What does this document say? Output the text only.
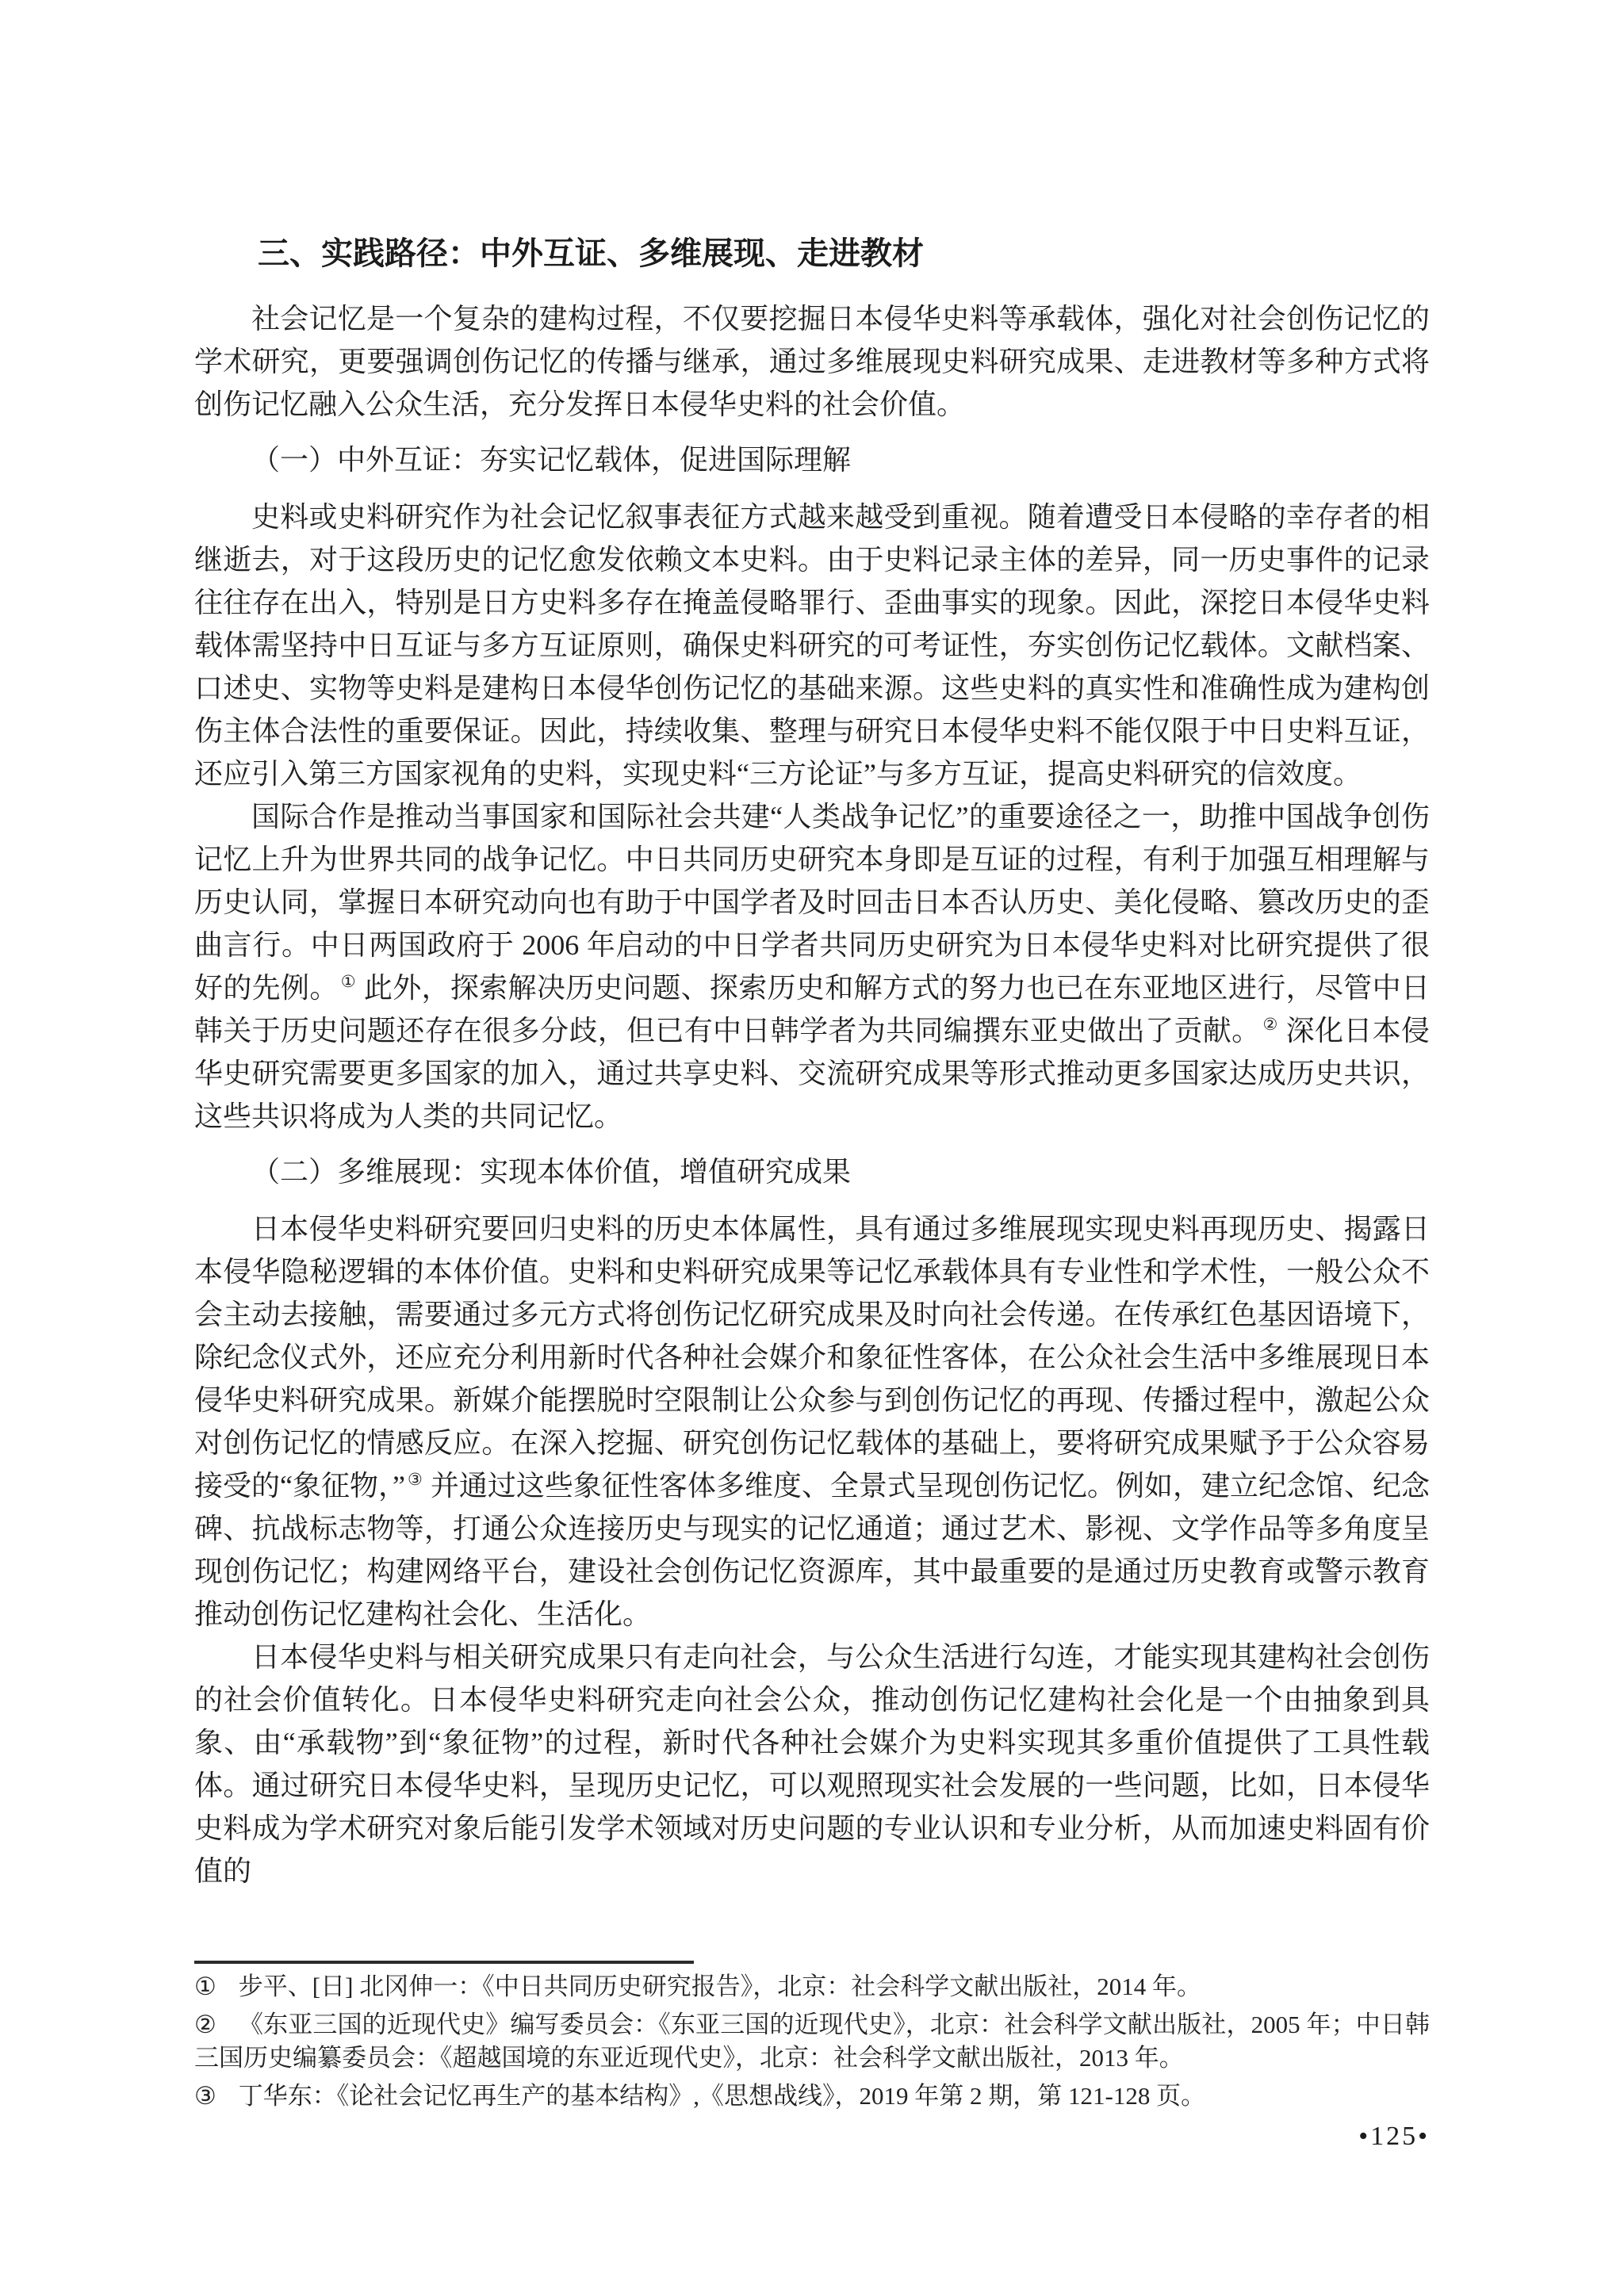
三、实践路径：中外互证、多维展现、走进教材

社会记忆是一个复杂的建构过程，不仅要挖掘日本侵华史料等承载体，强化对社会创伤记忆的学术研究，更要强调创伤记忆的传播与继承，通过多维展现史料研究成果、走进教材等多种方式将创伤记忆融入公众生活，充分发挥日本侵华史料的社会价值。

（一）中外互证：夯实记忆载体，促进国际理解

史料或史料研究作为社会记忆叙事表征方式越来越受到重视。随着遭受日本侵略的幸存者的相继逝去，对于这段历史的记忆愈发依赖文本史料。由于史料记录主体的差异，同一历史事件的记录往往存在出入，特别是日方史料多存在掩盖侵略罪行、歪曲事实的现象。因此，深挖日本侵华史料载体需坚持中日互证与多方互证原则，确保史料研究的可考证性，夯实创伤记忆载体。文献档案、口述史、实物等史料是建构日本侵华创伤记忆的基础来源。这些史料的真实性和准确性成为建构创伤主体合法性的重要保证。因此，持续收集、整理与研究日本侵华史料不能仅限于中日史料互证，还应引入第三方国家视角的史料，实现史料“三方论证”与多方互证，提高史料研究的信效度。

国际合作是推动当事国家和国际社会共建“人类战争记忆”的重要途径之一，助推中国战争创伤记忆上升为世界共同的战争记忆。中日共同历史研究本身即是互证的过程，有利于加强互相理解与历史认同，掌握日本研究动向也有助于中国学者及时回击日本否认历史、美化侵略、篡改历史的歪曲言行。中日两国政府于 2006 年启动的中日学者共同历史研究为日本侵华史料对比研究提供了很好的先例。 ① 此外，探索解决历史问题、探索历史和解方式的努力也已在东亚地区进行，尽管中日韩关于历史问题还存在很多分歧，但已有中日韩学者为共同编撰东亚史做出了贡献。 ② 深化日本侵华史研究需要更多国家的加入，通过共享史料、交流研究成果等形式推动更多国家达成历史共识，这些共识将成为人类的共同记忆。

（二）多维展现：实现本体价值，增值研究成果

日本侵华史料研究要回归史料的历史本体属性，具有通过多维展现实现史料再现历史、揭露日本侵华隐秘逻辑的本体价值。史料和史料研究成果等记忆承载体具有专业性和学术性，一般公众不会主动去接触，需要通过多元方式将创伤记忆研究成果及时向社会传递。在传承红色基因语境下，除纪念仪式外，还应充分利用新时代各种社会媒介和象征性客体，在公众社会生活中多维展现日本侵华史料研究成果。新媒介能摆脱时空限制让公众参与到创伤记忆的再现、传播过程中，激起公众对创伤记忆的情感反应。在深入挖掘、研究创伤记忆载体的基础上，要将研究成果赋予于公众容易接受的“象征物，” ③ 并通过这些象征性客体多维度、全景式呈现创伤记忆。例如，建立纪念馆、纪念碑、抗战标志物等，打通公众连接历史与现实的记忆通道；通过艺术、影视、文学作品等多角度呈现创伤记忆；构建网络平台，建设社会创伤记忆资源库，其中最重要的是通过历史教育或警示教育推动创伤记忆建构社会化、生活化。

日本侵华史料与相关研究成果只有走向社会，与公众生活进行勾连，才能实现其建构社会创伤的社会价值转化。日本侵华史料研究走向社会公众，推动创伤记忆建构社会化是一个由抽象到具象、由“承载物”到“象征物”的过程，新时代各种社会媒介为史料实现其多重价值提供了工具性载体。通过研究日本侵华史料，呈现历史记忆，可以观照现实社会发展的一些问题，比如，日本侵华史料成为学术研究对象后能引发学术领域对历史问题的专业认识和专业分析，从而加速史料固有价值的

① 步平、[日] 北冈伸一：《中日共同历史研究报告》，北京：社会科学文献出版社，2014 年。

② 《东亚三国的近现代史》编写委员会：《东亚三国的近现代史》，北京：社会科学文献出版社，2005 年；中日韩三国历史编纂委员会：《超越国境的东亚近现代史》，北京：社会科学文献出版社，2013 年。

③ 丁华东：《论社会记忆再生产的基本结构》,《思想战线》，2019 年第 2 期，第 121-128 页。

•125•
